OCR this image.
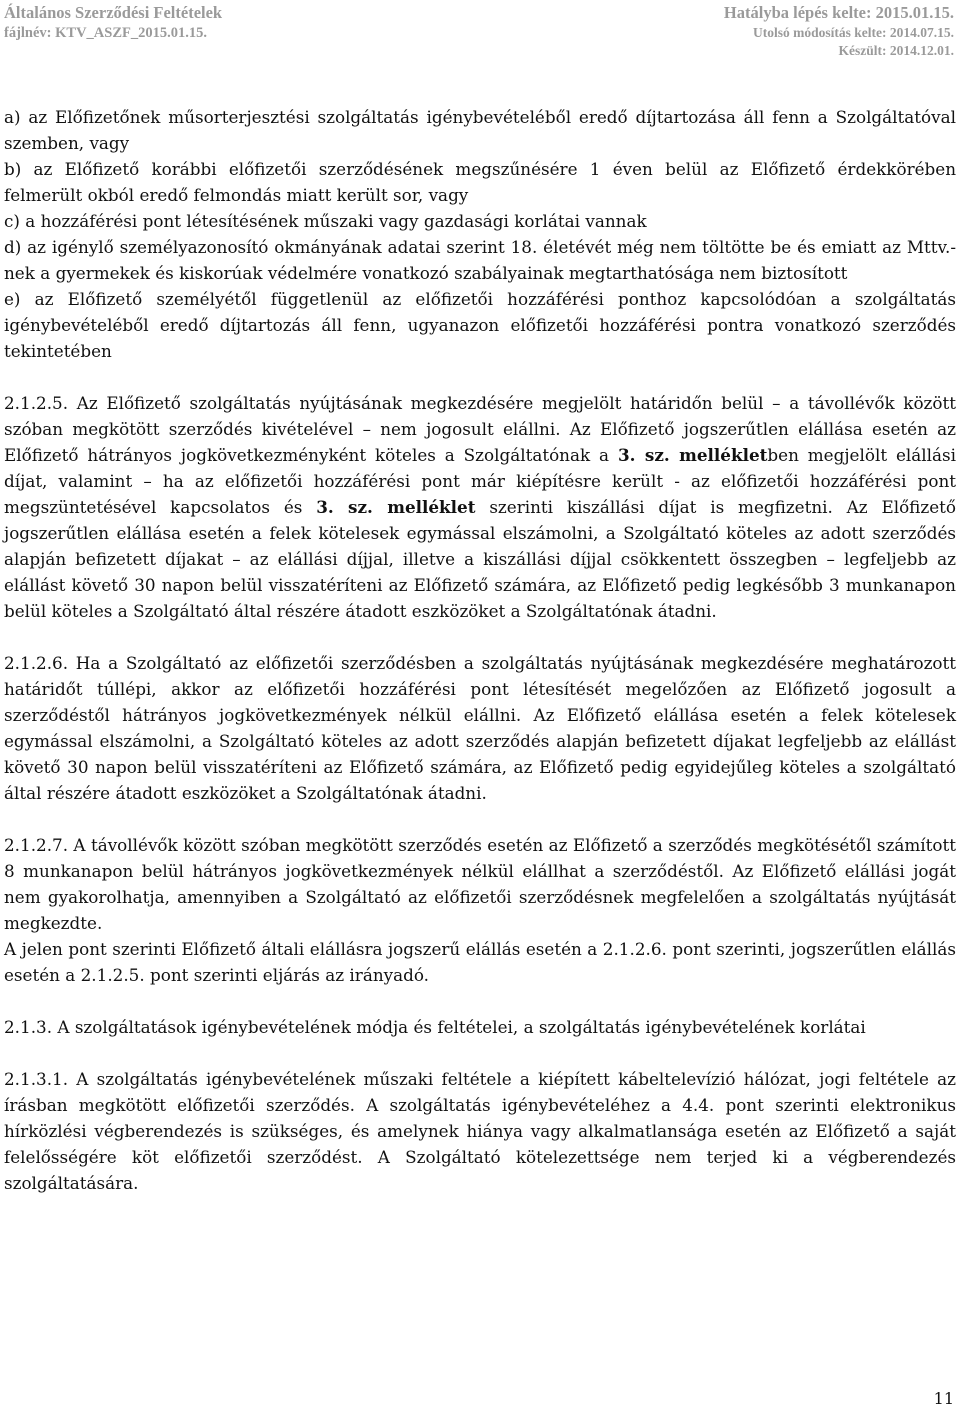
Általános Szerződési Feltételek
fájlnév: KTV_ASZF_2015.01.15.
Hatályba lépés kelte: 2015.01.15.
Utolsó módosítás kelte: 2014.07.15.
Készült: 2014.12.01.

a) az Előfizetőnek műsorterjesztési szolgáltatás igénybevételéből eredő díjtartozása áll fenn a Szolgáltatóval szemben, vagy

b) az Előfizető korábbi előfizetői szerződésének megszűnésére 1 éven belül az Előfizető érdekkörében felmerült okból eredő felmondás miatt került sor, vagy

c) a hozzáférési pont létesítésének műszaki vagy gazdasági korlátai vannak

d) az igénylő személyazonosító okmányának adatai szerint 18. életévét még nem töltötte be és emiatt az Mttv.-nek a gyermekek és kiskorúak védelmére vonatkozó szabályainak megtarthatósága nem biztosított

e) az Előfizető személyétől függetlenül az előfizetői hozzáférési ponthoz kapcsolódóan a szolgáltatás igénybevételéből eredő díjtartozás áll fenn, ugyanazon előfizetői hozzáférési pontra vonatkozó szerződés tekintetében

2.1.2.5. Az Előfizető szolgáltatás nyújtásának megkezdésére megjelölt határidőn belül – a távollévők között szóban megkötött szerződés kivételével – nem jogosult elállni. Az Előfizető jogszerűtlen elállása esetén az Előfizető hátrányos jogkövetkezményként köteles a Szolgáltatónak a 3. sz. mellékletben megjelölt elállási díjat, valamint – ha az előfizetői hozzáférési pont már kiépítésre került - az előfizetői hozzáférési pont megszüntetésével kapcsolatos és 3. sz. melléklet szerinti kiszállási díjat is megfizetni. Az Előfizető jogszerűtlen elállása esetén a felek kötelesek egymással elszámolni, a Szolgáltató köteles az adott szerződés alapján befizetett díjakat – az elállási díjjal, illetve a kiszállási díjjal csökkentett összegben – legfeljebb az elállást követő 30 napon belül visszatéríteni az Előfizető számára, az Előfizető pedig legkésőbb 3 munkanapon belül köteles a Szolgáltató által részére átadott eszközöket a Szolgáltatónak átadni.

2.1.2.6. Ha a Szolgáltató az előfizetői szerződésben a szolgáltatás nyújtásának megkezdésére meghatározott határidőt túllépi, akkor az előfizetői hozzáférési pont létesítését megelőzően az Előfizető jogosult a szerződéstől hátrányos jogkövetkezmények nélkül elállni. Az Előfizető elállása esetén a felek kötelesek egymással elszámolni, a Szolgáltató köteles az adott szerződés alapján befizetett díjakat legfeljebb az elállást követő 30 napon belül visszatéríteni az Előfizető számára, az Előfizető pedig egyidejűleg köteles a szolgáltató által részére átadott eszközöket a Szolgáltatónak átadni.

2.1.2.7. A távollévők között szóban megkötött szerződés esetén az Előfizető a szerződés megkötésétől számított 8 munkanapon belül hátrányos jogkövetkezmények nélkül elállhat a szerződéstől. Az Előfizető elállási jogát nem gyakorolhatja, amennyiben a Szolgáltató az előfizetői szerződésnek megfelelően a szolgáltatás nyújtását megkezdte.

A jelen pont szerinti Előfizető általi elállásra jogszerű elállás esetén a 2.1.2.6. pont szerinti, jogszerűtlen elállás esetén a 2.1.2.5. pont szerinti eljárás az irányadó.

2.1.3. A szolgáltatások igénybevételének módja és feltételei, a szolgáltatás igénybevételének korlátai

2.1.3.1. A szolgáltatás igénybevételének műszaki feltétele a kiépített kábeltelevízió hálózat, jogi feltétele az írásban megkötött előfizetői szerződés. A szolgáltatás igénybevételéhez a 4.4. pont szerinti elektronikus hírközlési végberendezés is szükséges, és amelynek hiánya vagy alkalmatlansága esetén az Előfizető a saját felelősségére köt előfizetői szerződést. A Szolgáltató kötelezettsége nem terjed ki a végberendezés szolgáltatására.

11
